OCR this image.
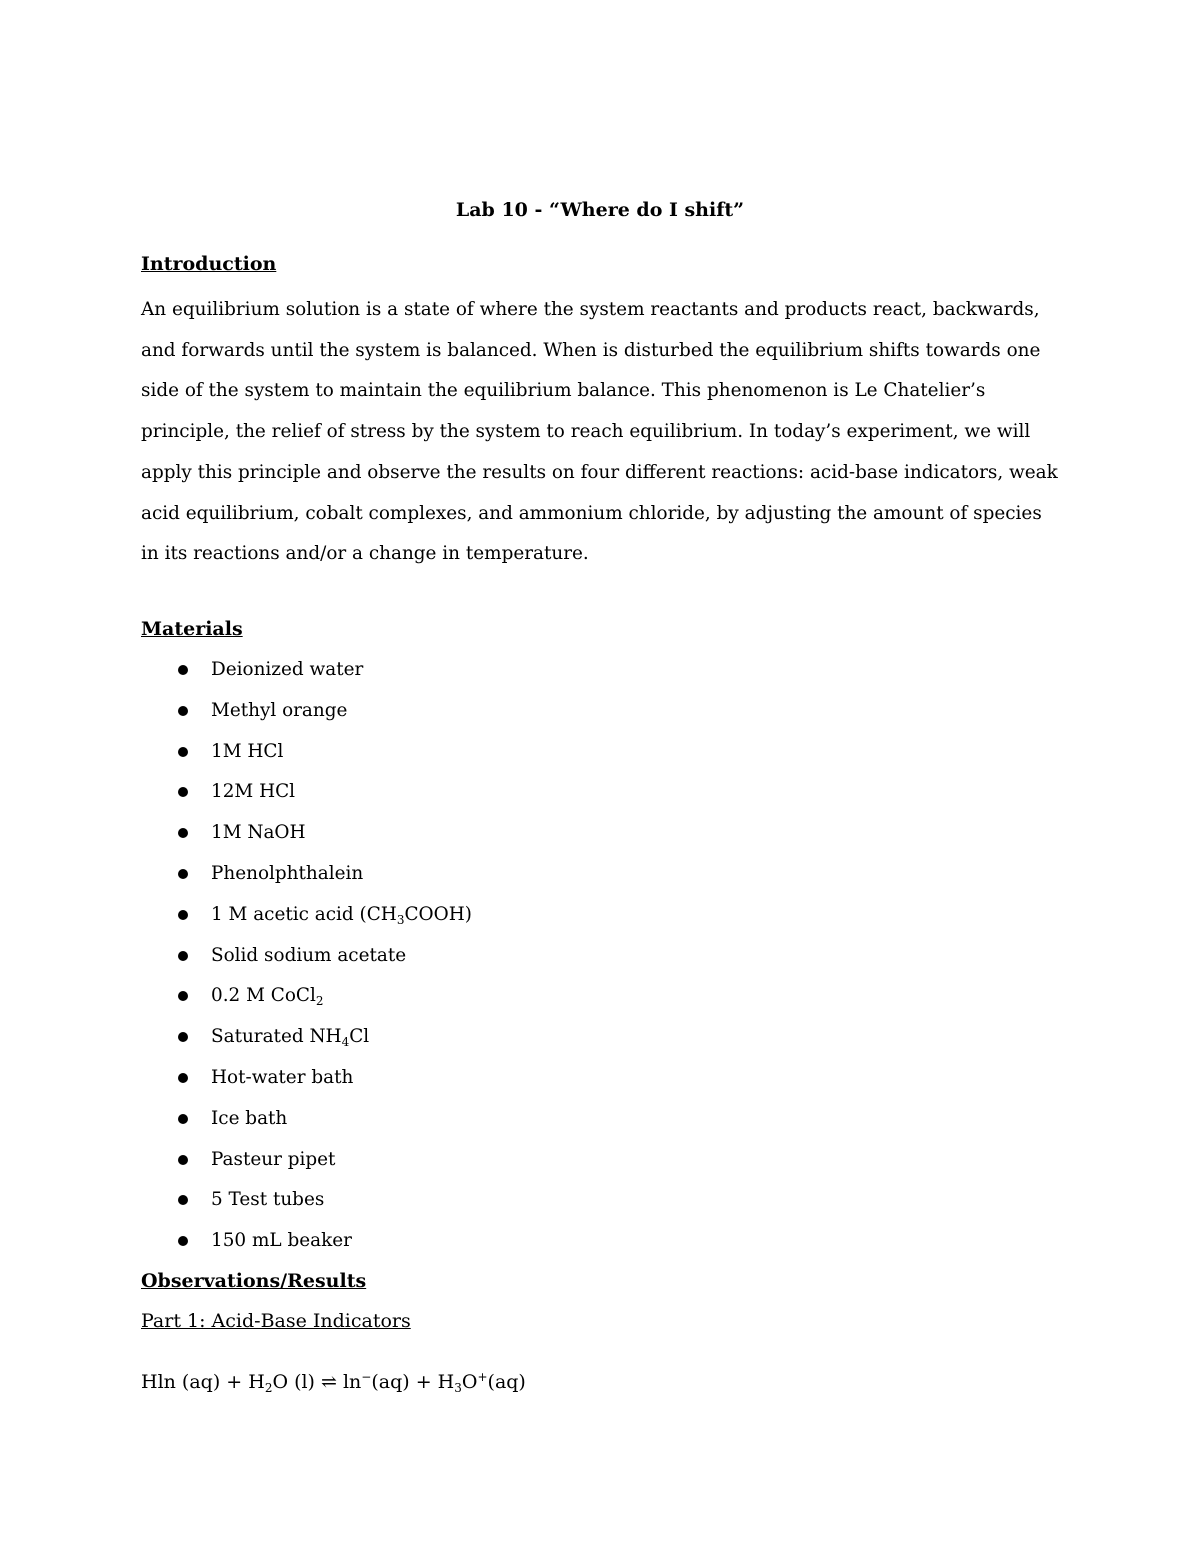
Lab 10 - “Where do I shift”
Introduction

An equilibrium solution is a state of where the system reactants and products react, backwards,
and forwards until the system is balanced. When is disturbed the equilibrium shifts towards one
side of the system to maintain the equilibrium balance. This phenomenon is Le Chatelier’s
principle, the relief of stress by the system to reach equilibrium. In today’s experiment, we will
apply this principle and observe the results on four different reactions: acid-base indicators, weak
acid equilibrium, cobalt complexes, and ammonium chloride, by adjusting the amount of species
in its reactions and/or a change in temperature.

Materials
Deionized water
Methyl orange
1M HCl
12M HCl
1M NaOH
Phenolphthalein
1 M acetic acid $(CH_3COOH)$
Solid sodium acetate
0.2 M CoCl$_2$
Saturated $NH_4Cl$
Hot-water bath
Ice bath
Pasteur pipet
5 Test tubes
150 mL beaker
Observations/Results
Part 1: Acid-Base Indicators
Hln $(aq) + H_2O$ (l) ⇌ $\ln^-(aq) + H_3O^+(aq)$
